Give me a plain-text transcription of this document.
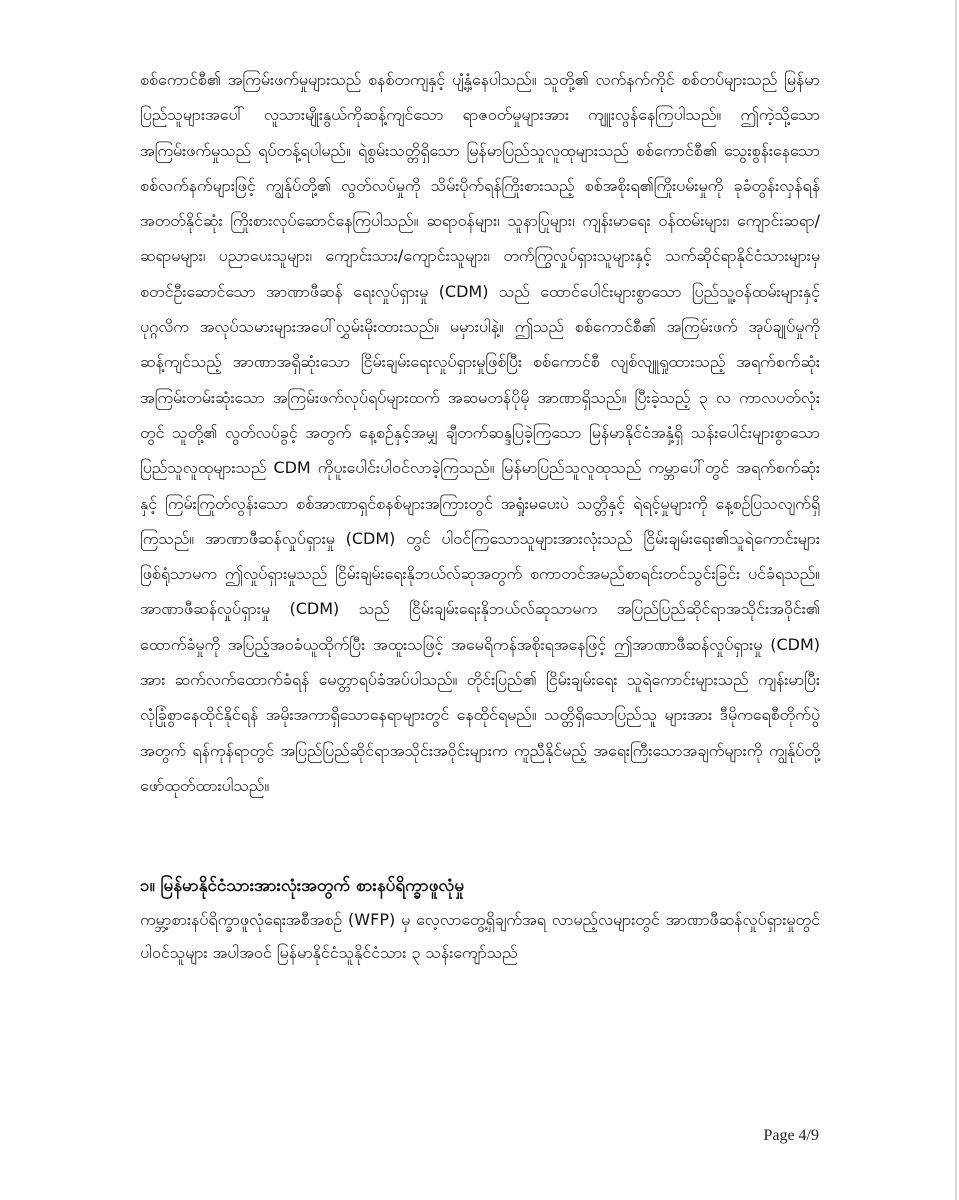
စစ်ကောင်စီ၏ အကြမ်းဖက်မှုများသည် စနစ်တကျနှင့် ပျံ့နှံ့နေပါသည်။ သူတို့၏ လက်နက်ကိုင် စစ်တပ်များသည် မြန်မာပြည်သူများအပေါ် လူသားမျိုးနွယ်ကိုဆန့်ကျင်သော ရာဇဝတ်မှုများအား ကျူးလွန်နေကြပါသည်။ ဤကဲ့သို့သော အကြမ်းဖက်မှုသည် ရပ်တန့်ရပါမည်။ ရဲစွမ်းသတ္တိရှိသော မြန်မာပြည်သူလူထုများသည် စစ်ကောင်စီ၏ သွေးစွန်းနေသောစစ်လက်နက်များဖြင့် ကျွန်ုပ်တို့၏ လွတ်လပ်မှုကို သိမ်းပိုက်ရန်ကြိုးစားသည့် စစ်အစိုးရ၏ကြိုးပမ်းမှုကို ခုခံတွန်းလှန်ရန် အတတ်နိုင်ဆုံး ကြိုးစားလုပ်ဆောင်နေကြပါသည်။ ဆရာဝန်များ၊ သူနာပြုများ၊ ကျန်းမာရေး ဝန်ထမ်းများ၊ ကျောင်းဆရာ/ဆရာမများ၊ ပညာပေးသူများ၊ ကျောင်းသား/ကျောင်းသူများ၊ တက်ကြွလှုပ်ရှားသူများနှင့် သက်ဆိုင်ရာနိုင်ငံသားများမှစတင်ဦးဆောင်သော အာဏာဖီဆန် ရေးလှုပ်ရှားမှု (CDM) သည် ထောင်ပေါင်းများစွာသော ပြည်သူ့ဝန်ထမ်းများနှင့် ပုဂ္ဂလိက အလုပ်သမားများအပေါ်လွှမ်းမိုးထားသည်။ မမှားပါနဲ့။ ဤသည် စစ်ကောင်စီ၏ အကြမ်းဖက် အုပ်ချုပ်မှုကို ဆန့်ကျင်သည့် အာဏာအရှိဆုံးသော ငြိမ်းချမ်းရေးလှုပ်ရှားမှုဖြစ်ပြီး စစ်ကောင်စီ လျစ်လျူရှုထားသည့် အရက်စက်ဆုံး အကြမ်းတမ်းဆုံးသော အကြမ်းဖက်လုပ်ရပ်များထက် အဆမတန်ပိုမို အာဏာရှိသည်။ ပြီးခဲ့သည့် ၃ လ ကာလပတ်လုံးတွင် သူတို့၏ လွတ်လပ်ခွင့် အတွက် နေ့စဉ်နှင့်အမျှ ချီတက်ဆန္ဒပြခဲ့ကြသော မြန်မာနိုင်ငံအနှံ့ရှိ သန်းပေါင်းများစွာသော ပြည်သူလူထုများသည် CDM ကိုပူးပေါင်းပါဝင်လာခဲ့ကြသည်။ မြန်မာပြည်သူလူထုသည် ကမ္ဘာပေါ်တွင် အရက်စက်ဆုံးနှင့် ကြမ်းကြုတ်လွန်းသော စစ်အာဏာရှင်စနစ်များအကြားတွင် အရှုံးမပေးပဲ သတ္တိနှင့် ရဲရင့်မှုများကို နေ့စဉ်ပြသလျက်ရှိကြသည်။ အာဏာဖီဆန်လှုပ်ရှားမှု (CDM) တွင် ပါဝင်ကြသောသူများအားလုံးသည် ငြိမ်းချမ်းရေး၏သူရဲကောင်းများ ဖြစ်ရုံသာမက ဤလှုပ်ရှားမှုသည် ငြိမ်းချမ်းရေးနိုဘယ်လ်ဆုအတွက် စကာတင်အမည်စာရင်းတင်သွင်းခြင်း ပင်ခံရသည်။ အာဏာဖီဆန်လှုပ်ရှားမှု (CDM) သည် ငြိမ်းချမ်းရေးနိုဘယ်လ်ဆုသာမက အပြည်ပြည်ဆိုင်ရာအသိုင်းအဝိုင်း၏ ထောက်ခံမှုကို အပြည့်အဝခံယူထိုက်ပြီး အထူးသဖြင့် အမေရိကန်အစိုးရအနေဖြင့် ဤအာဏာဖီဆန်လှုပ်ရှားမှု (CDM) အား ဆက်လက်ထောက်ခံရန် မေတ္တာရပ်ခံအပ်ပါသည်။ တိုင်းပြည်၏ ငြိမ်းချမ်းရေး သူရဲကောင်းများသည် ကျန်းမာပြီး လုံခြုံစွာနေထိုင်နိုင်ရန် အမိုးအကာရှိသောနေရာများတွင် နေထိုင်ရမည်။ သတ္တိရှိသောပြည်သူ များအား ဒီမိုကရေစီတိုက်ပွဲအတွက် ရန်ကုန်ရာတွင် အပြည်ပြည်ဆိုင်ရာအသိုင်းအဝိုင်းများက ကူညီနိုင်မည့် အရေးကြီးသောအချက်များကို ကျွန်ုပ်တို့ဖော်ထုတ်ထားပါသည်။

၁။ မြန်မာနိုင်ငံသားအားလုံးအတွက် စားနပ်ရိက္ခာဖူလုံမှု

ကမ္ဘာ့စားနပ်ရိက္ခာဖူလုံရေးအစီအစဉ် (WFP) မှ လေ့လာတွေ့ရှိချက်အရ လာမည့်လများတွင် အာဏာဖီဆန်လှုပ်ရှားမှုတွင် ပါဝင်သူများ အပါအဝင် မြန်မာနိုင်ငံသူနိုင်ငံသား ၃ သန်းကျော်သည်

Page 4/9
